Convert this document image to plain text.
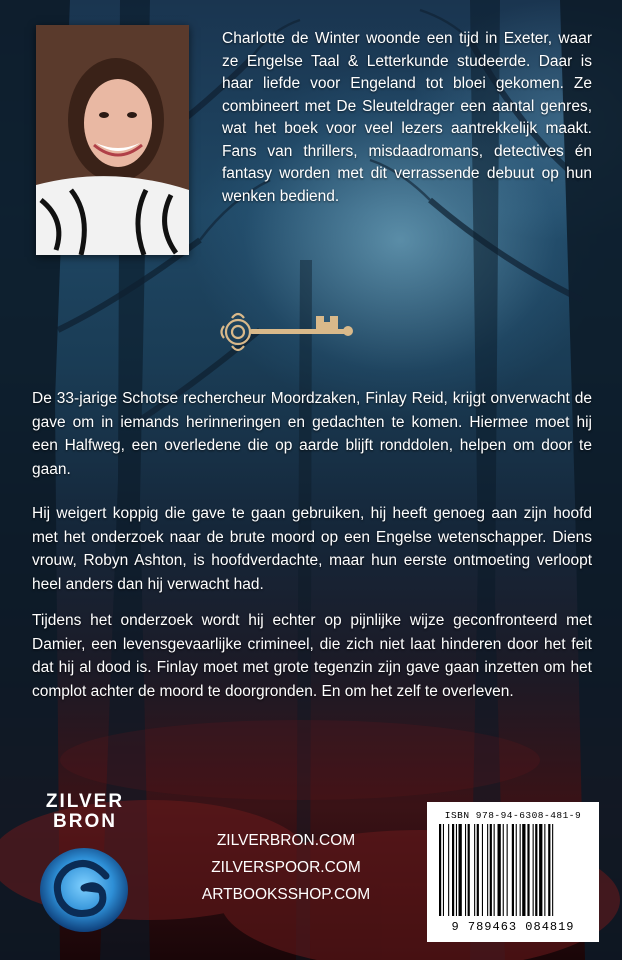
Charlotte de Winter woonde een tijd in Exeter, waar ze Engelse Taal & Letterkunde studeerde. Daar is haar liefde voor Engeland tot bloei gekomen. Ze combineert met De Sleuteldrager een aantal genres, wat het boek voor veel lezers aantrekkelijk maakt. Fans van thrillers, misdaadromans, detectives én fantasy worden met dit verrassende debuut op hun wenken bediend.

De 33-jarige Schotse rechercheur Moordzaken, Finlay Reid, krijgt onverwacht de gave om in iemands herinneringen en gedachten te komen. Hiermee moet hij een Halfweg, een overledene die op aarde blijft ronddolen, helpen om door te gaan.

Hij weigert koppig die gave te gaan gebruiken, hij heeft genoeg aan zijn hoofd met het onderzoek naar de brute moord op een Engelse wetenschapper. Diens vrouw, Robyn Ashton, is hoofdverdachte, maar hun eerste ontmoeting verloopt heel anders dan hij verwacht had.

Tijdens het onderzoek wordt hij echter op pijnlijke wijze geconfronteerd met Damier, een levensgevaarlijke crimineel, die zich niet laat hinderen door het feit dat hij al dood is. Finlay moet met grote tegenzin zijn gave gaan inzetten om het complot achter de moord te doorgronden. En om het zelf te overleven.

ZILVER
BRON
ZILVERBRON.COM
ZILVERSPOOR.COM
ARTBOOKSSHOP.COM
ISBN 978-94-6308-481-9
9 789463 084819
